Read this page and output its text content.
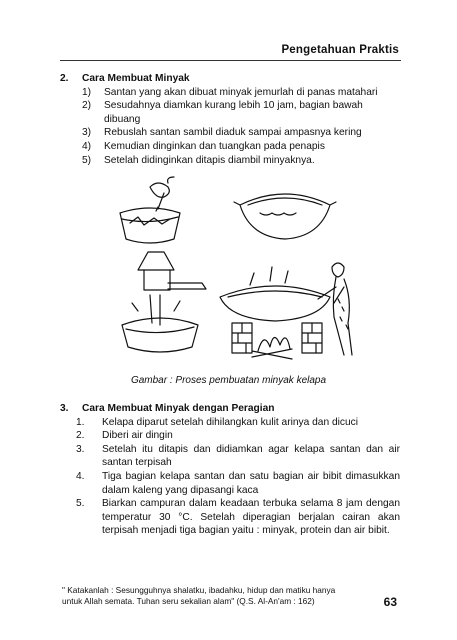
Pengetahuan Praktis
2.	Cara Membuat Minyak
1)	Santan yang akan dibuat minyak jemurlah di panas matahari
2)	Sesudahnya diamkan kurang lebih 10 jam, bagian bawah dibuang
3)	Rebuslah santan sambil diaduk sampai ampasnya kering
4)	Kemudian dinginkan dan tuangkan pada penapis
5)	Setelah didinginkan ditapis diambil minyaknya.
Gambar : Proses pembuatan minyak kelapa
3.	Cara Membuat Minyak dengan Peragian
1.	Kelapa diparut setelah dihilangkan kulit arinya dan dicuci
2.	Diberi air dingin
3.	Setelah itu ditapis dan didiamkan agar kelapa santan dan air santan terpisah
4.	Tiga bagian kelapa santan dan satu bagian air bibit dimasukkan dalam kaleng yang dipasangi kaca
5.	Biarkan campuran dalam keadaan terbuka selama 8 jam dengan temperatur 30 °C. Setelah diperagian berjalan cairan akan terpisah menjadi tiga bagian yaitu : minyak, protein dan air bibit.
" Katakanlah : Sesungguhnya shalatku, ibadahku, hidup dan matiku hanya
untuk Allah semata. Tuhan seru sekalian alam" (Q.S. Al-An'am : 162)	63
